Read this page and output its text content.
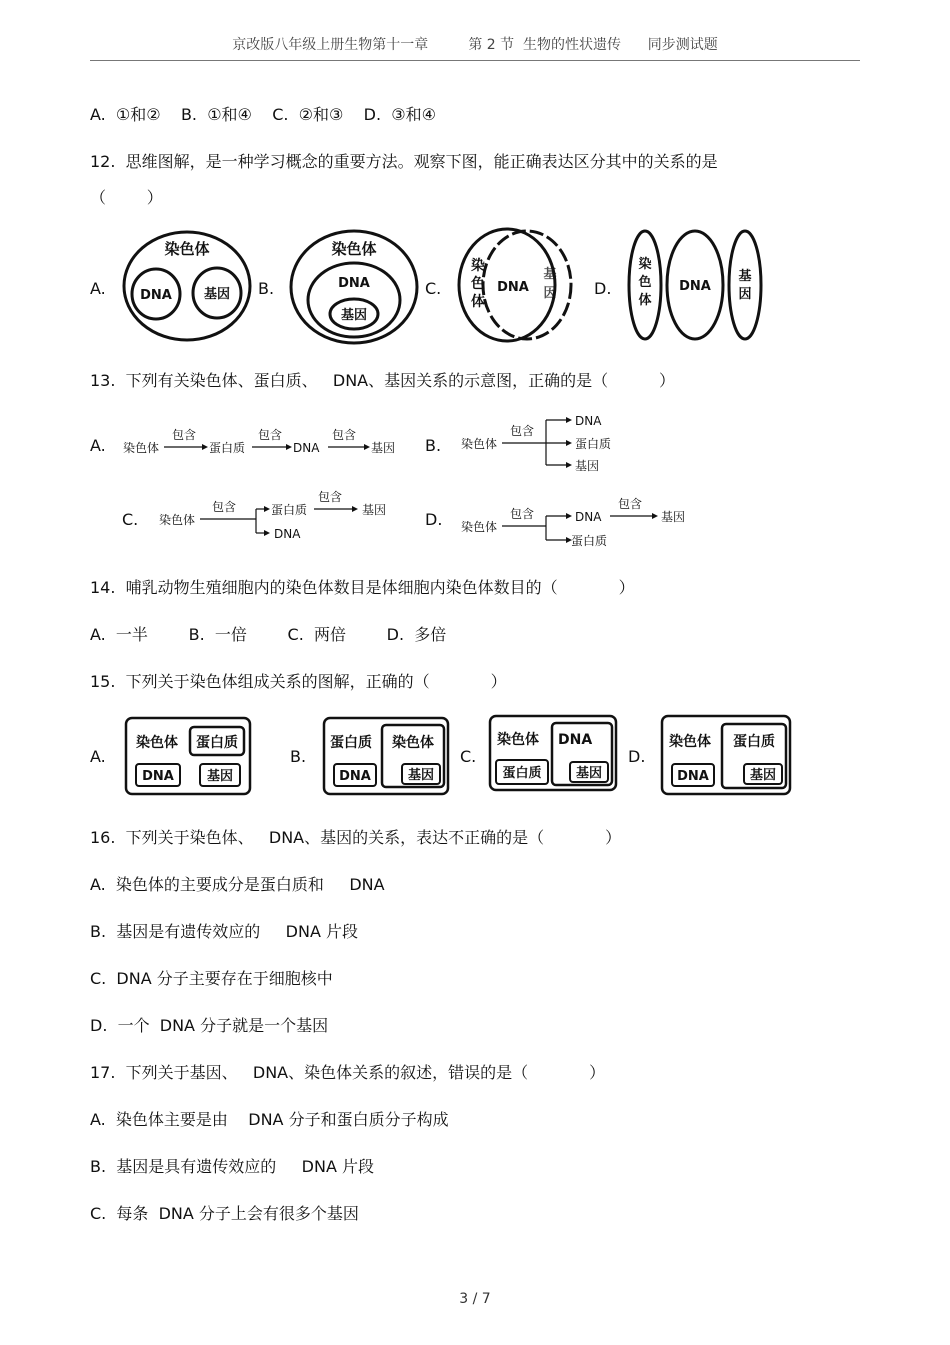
京改版八年级上册生物第十一章         第 2 节  生物的性状遗传      同步测试题
A.  ①和②    B.  ①和④    C.  ②和③    D.  ③和④
12.  思维图解，是一种学习概念的重要方法。观察下图，能正确表达区分其中的关系的是
（        ）
A.
染色体
DNA 基因 B.
染色体
DNA
基因
C.
染
色
体
DNA
基
因 D.
染
色
体
DNA
基
因
13.  下列有关染色体、蛋白质、   DNA、基因关系的示意图，正确的是（          ）
A. 染色体
包含
蛋白质
包含
DNA
包含
基因 B. 染色体
包含
DNA
蛋白质
基因
C. 染色体
包含	蛋白质
DNA
包含
基因 D. 染色体
包含	DNA
蛋白质
包含
基因
14.  哺乳动物生殖细胞内的染色体数目是体细胞内染色体数目的（            ）
A.  一半        B.  一倍        C.  两倍        D.  多倍
15.  下列关于染色体组成关系的图解，正确的（            ）
A.
染色体 蛋白质
DNA	基因
B.
蛋白质 染色体
DNA	基因
C.
染色体 DNA
蛋白质	基因
D.
染色体 蛋白质
DNA	基因
16.  下列关于染色体、   DNA、基因的关系，表达不正确的是（            ）
A.  染色体的主要成分是蛋白质和     DNA
B.  基因是有遗传效应的     DNA 片段
C.  DNA 分子主要存在于细胞核中
D.  一个  DNA 分子就是一个基因
17.  下列关于基因、   DNA、染色体关系的叙述，错误的是（            ）
A.  染色体主要是由    DNA 分子和蛋白质分子构成
B.  基因是具有遗传效应的     DNA 片段
C.  每条  DNA 分子上会有很多个基因
3 / 7
